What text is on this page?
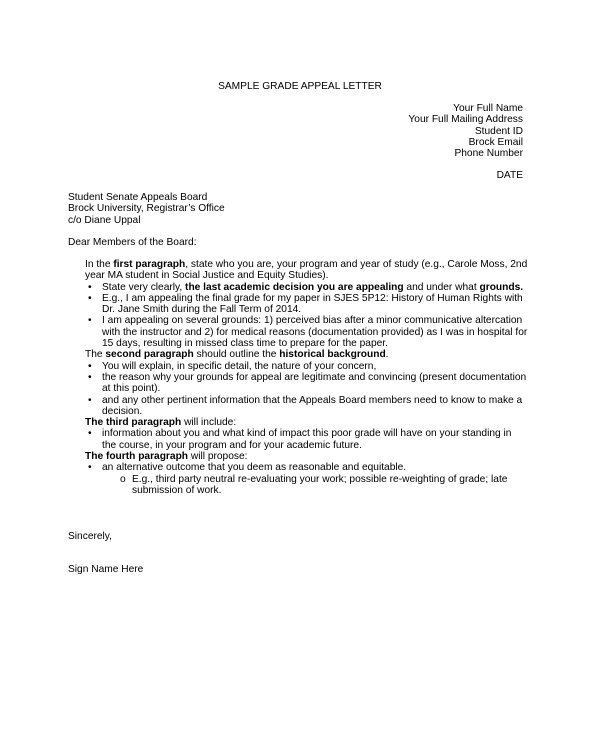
SAMPLE GRADE APPEAL LETTER
Your Full Name
Your Full Mailing Address
Student ID
Brock Email
Phone Number
DATE
Student Senate Appeals Board
Brock University, Registrar’s Office
c/o Diane Uppal
Dear Members of the Board:

In the first paragraph, state who you are, your program and year of study (e.g., Carole Moss, 2nd year MA student in Social Justice and Equity Studies).

• State very clearly, the last academic decision you are appealing and under what grounds.
• E.g., I am appealing the final grade for my paper in SJES 5P12: History of Human Rights with Dr. Jane Smith during the Fall Term of 2014.
• I am appealing on several grounds: 1) perceived bias after a minor communicative altercation with the instructor and 2) for medical reasons (documentation provided) as I was in hospital for 15 days, resulting in missed class time to prepare for the paper.

The second paragraph should outline the historical background.

• You will explain, in specific detail, the nature of your concern,
• the reason why your grounds for appeal are legitimate and convincing (present documentation at this point).
• and any other pertinent information that the Appeals Board members need to know to make a decision.

The third paragraph will include:

• information about you and what kind of impact this poor grade will have on your standing in the course, in your program and for your academic future.

The fourth paragraph will propose:

• an alternative outcome that you deem as reasonable and equitable.
o E.g., third party neutral re-evaluating your work; possible re-weighting of grade; late submission of work.
Sincerely,
Sign Name Here
